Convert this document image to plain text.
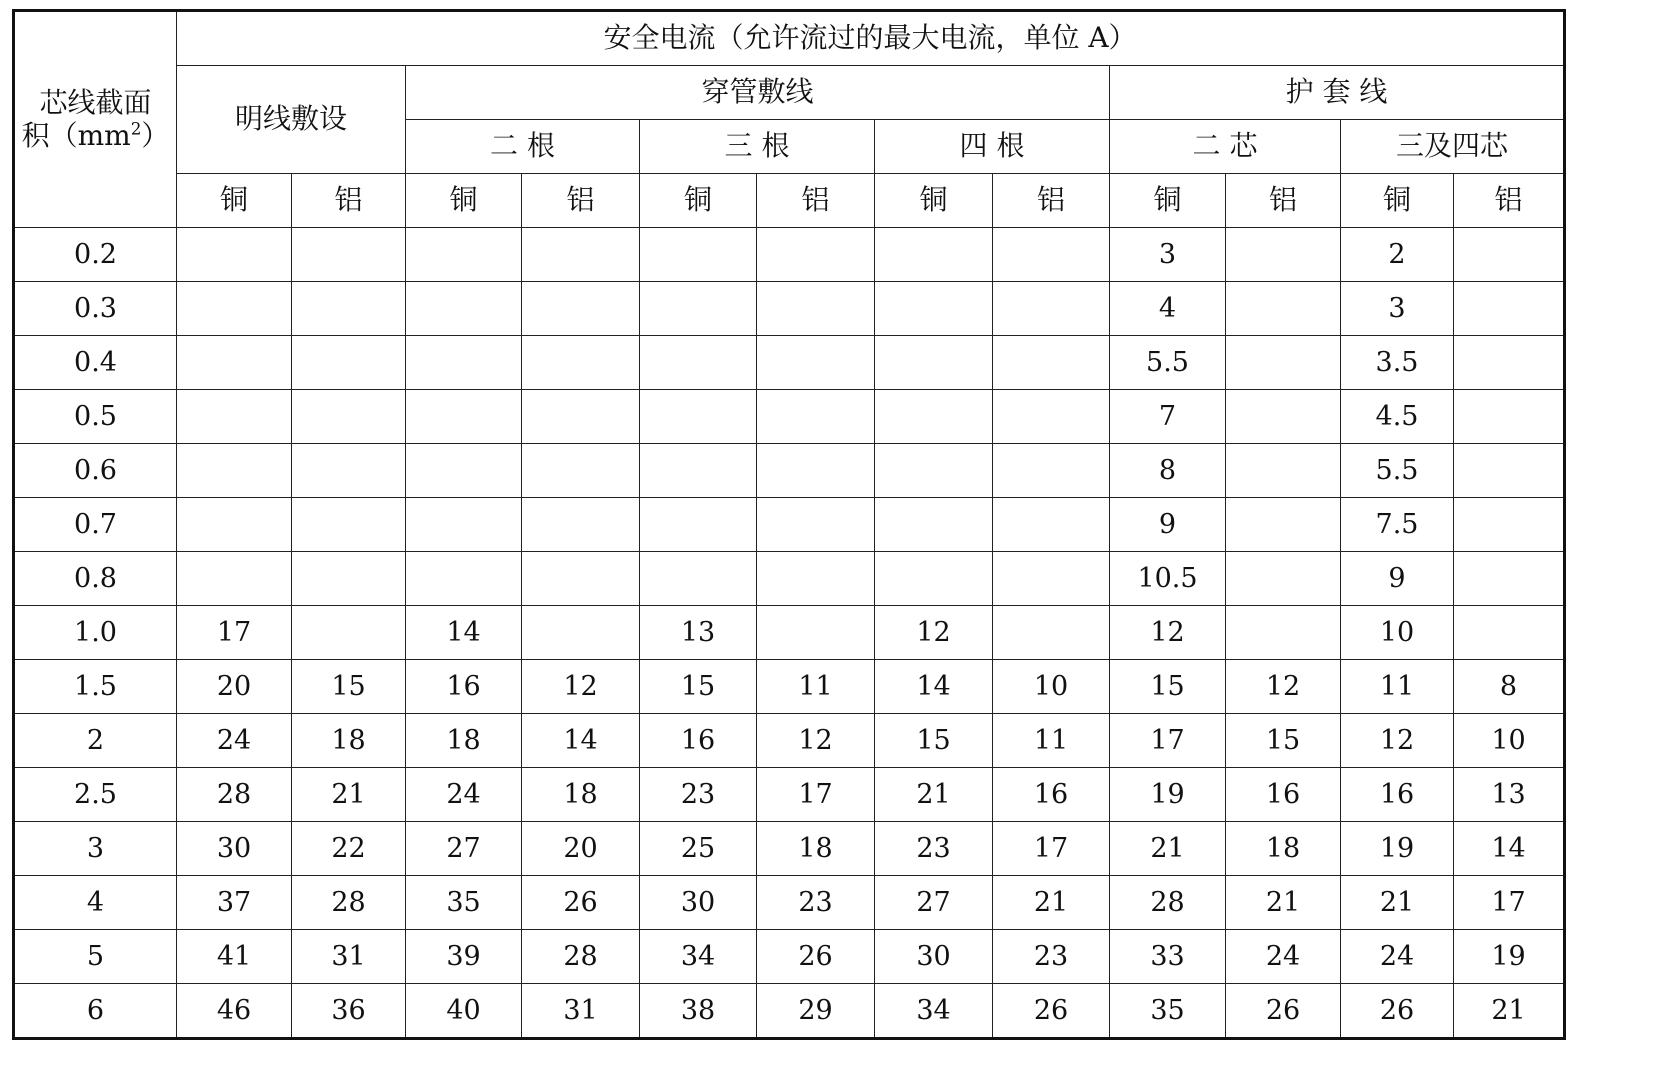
芯线截面
积$(mm^2)$	安全电流（允许流过的最大电流，单位 A）											
	明线敷设		穿管敷线						护 套 线			
			二 根		三 根		四 根		二 芯		三及四芯	
	铜	铝	铜	铝	铜	铝	铜	铝	铜	铝	铜	铝
0.2									3		2	
0.3									4		3	
0.4									5.5		3.5	
0.5									7		4.5	
0.6									8		5.5	
0.7									9		7.5	
0.8									10.5		9	
1.0	17		14		13		12		12		10	
1.5	20	15	16	12	15	11	14	10	15	12	11	8
2	24	18	18	14	16	12	15	11	17	15	12	10
2.5	28	21	24	18	23	17	21	16	19	16	16	13
3	30	22	27	20	25	18	23	17	21	18	19	14
4	37	28	35	26	30	23	27	21	28	21	21	17
5	41	31	39	28	34	26	30	23	33	24	24	19
6	46	36	40	31	38	29	34	26	35	26	26	21
